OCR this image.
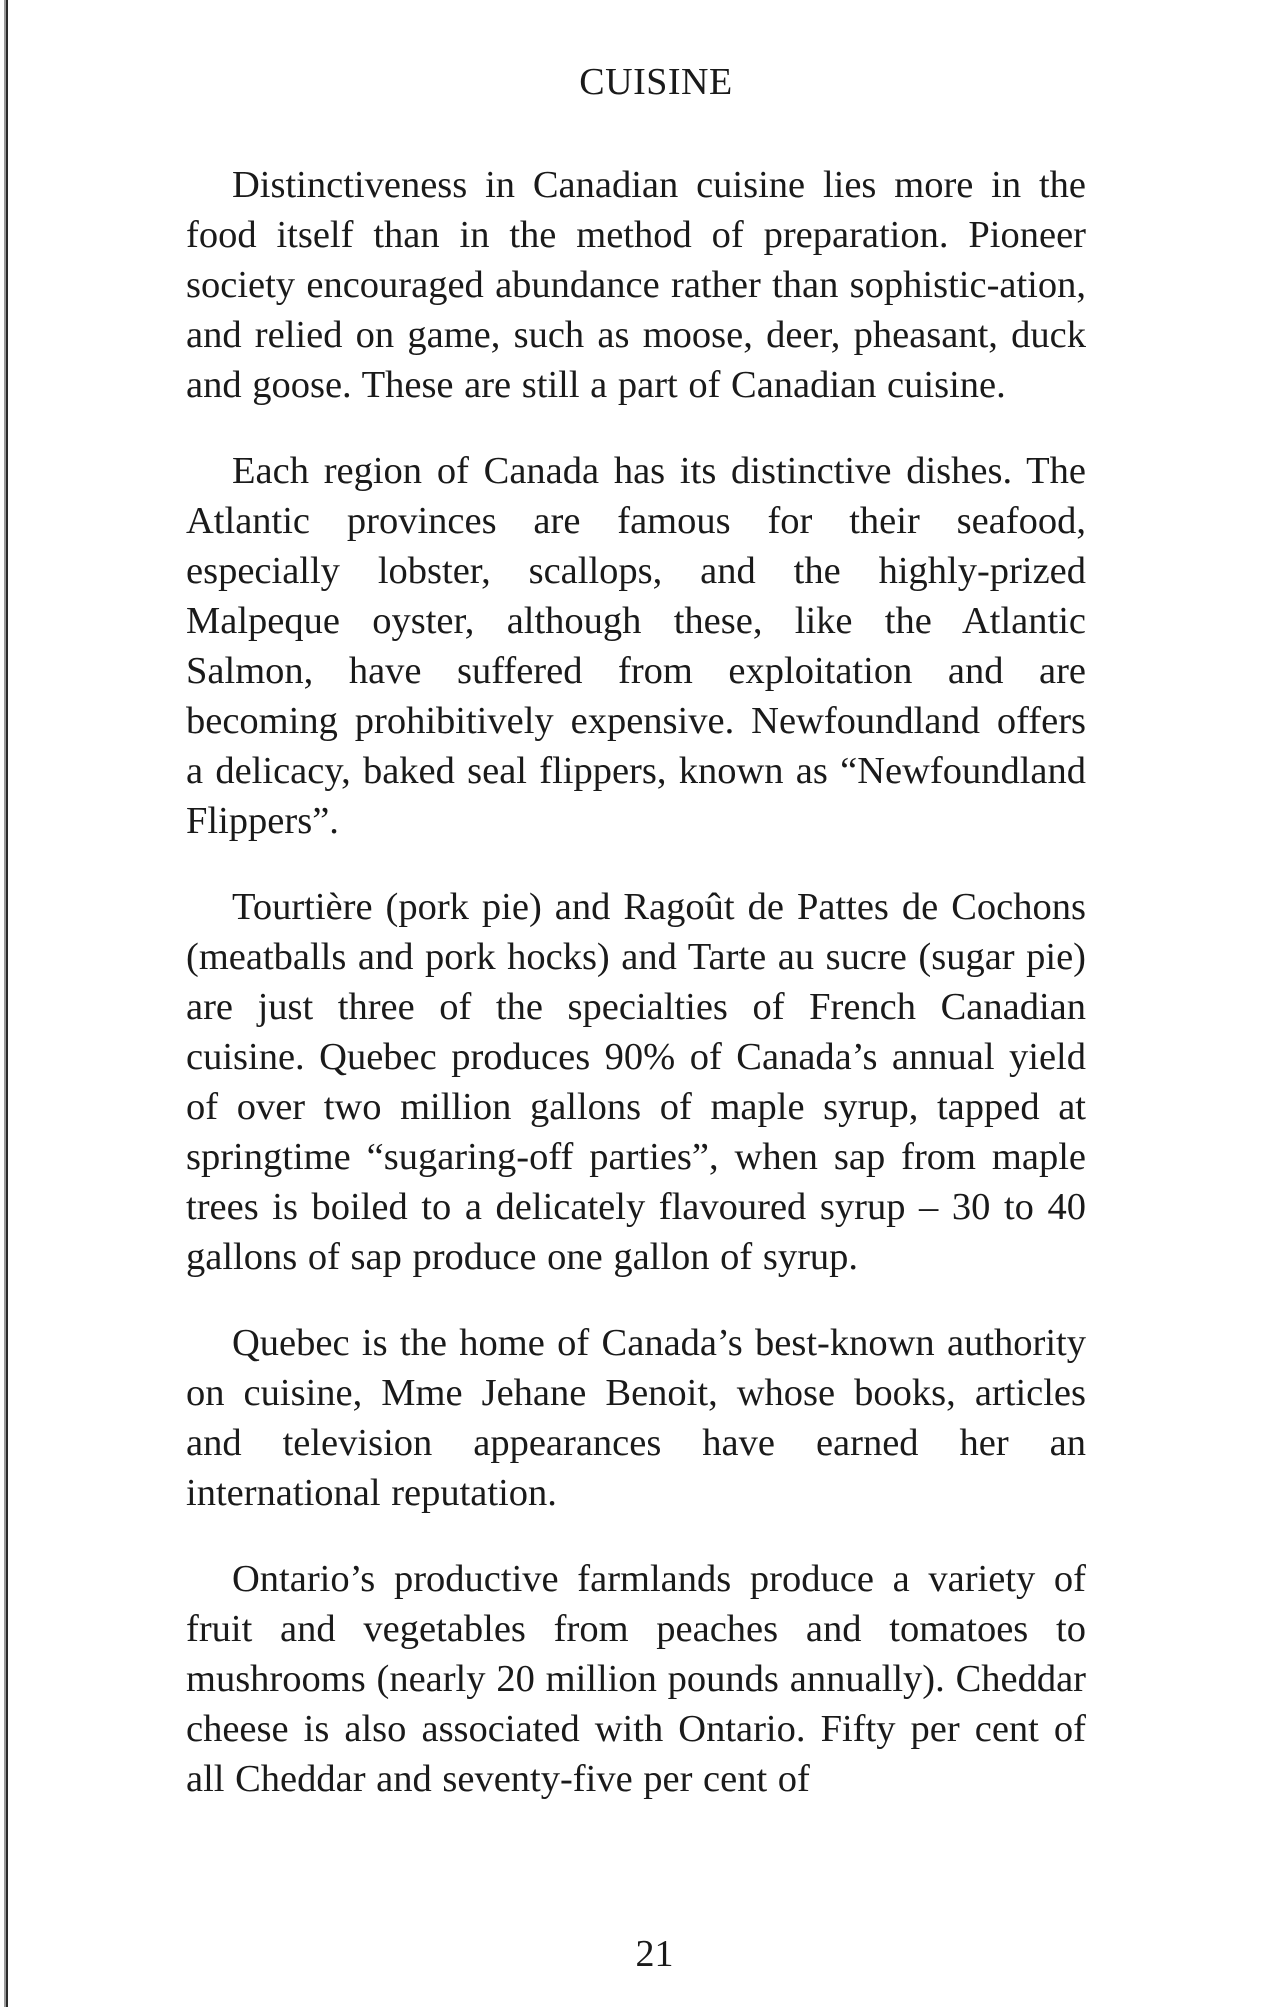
CUISINE

Distinctiveness in Canadian cuisine lies more in the food itself than in the method of preparation. Pioneer society encouraged abundance rather than sophistic-ation, and relied on game, such as moose, deer, pheasant, duck and goose. These are still a part of Canadian cuisine.

Each region of Canada has its distinctive dishes. The Atlantic provinces are famous for their seafood, especially lobster, scallops, and the highly-prized Malpeque oyster, although these, like the Atlantic Salmon, have suffered from exploitation and are becoming prohibitively expensive. Newfoundland offers a delicacy, baked seal flippers, known as “Newfoundland Flippers”.

Tourtière (pork pie) and Ragoût de Pattes de Cochons (meatballs and pork hocks) and Tarte au sucre (sugar pie) are just three of the specialties of French Canadian cuisine. Quebec produces 90% of Canada’s annual yield of over two million gallons of maple syrup, tapped at springtime “sugaring-off parties”, when sap from maple trees is boiled to a delicately flavoured syrup – 30 to 40 gallons of sap produce one gallon of syrup.

Quebec is the home of Canada’s best-known authority on cuisine, Mme Jehane Benoit, whose books, articles and television appearances have earned her an international reputation.

Ontario’s productive farmlands produce a variety of fruit and vegetables from peaches and tomatoes to mushrooms (nearly 20 million pounds annually). Cheddar cheese is also associated with Ontario. Fifty per cent of all Cheddar and seventy-five per cent of

21
